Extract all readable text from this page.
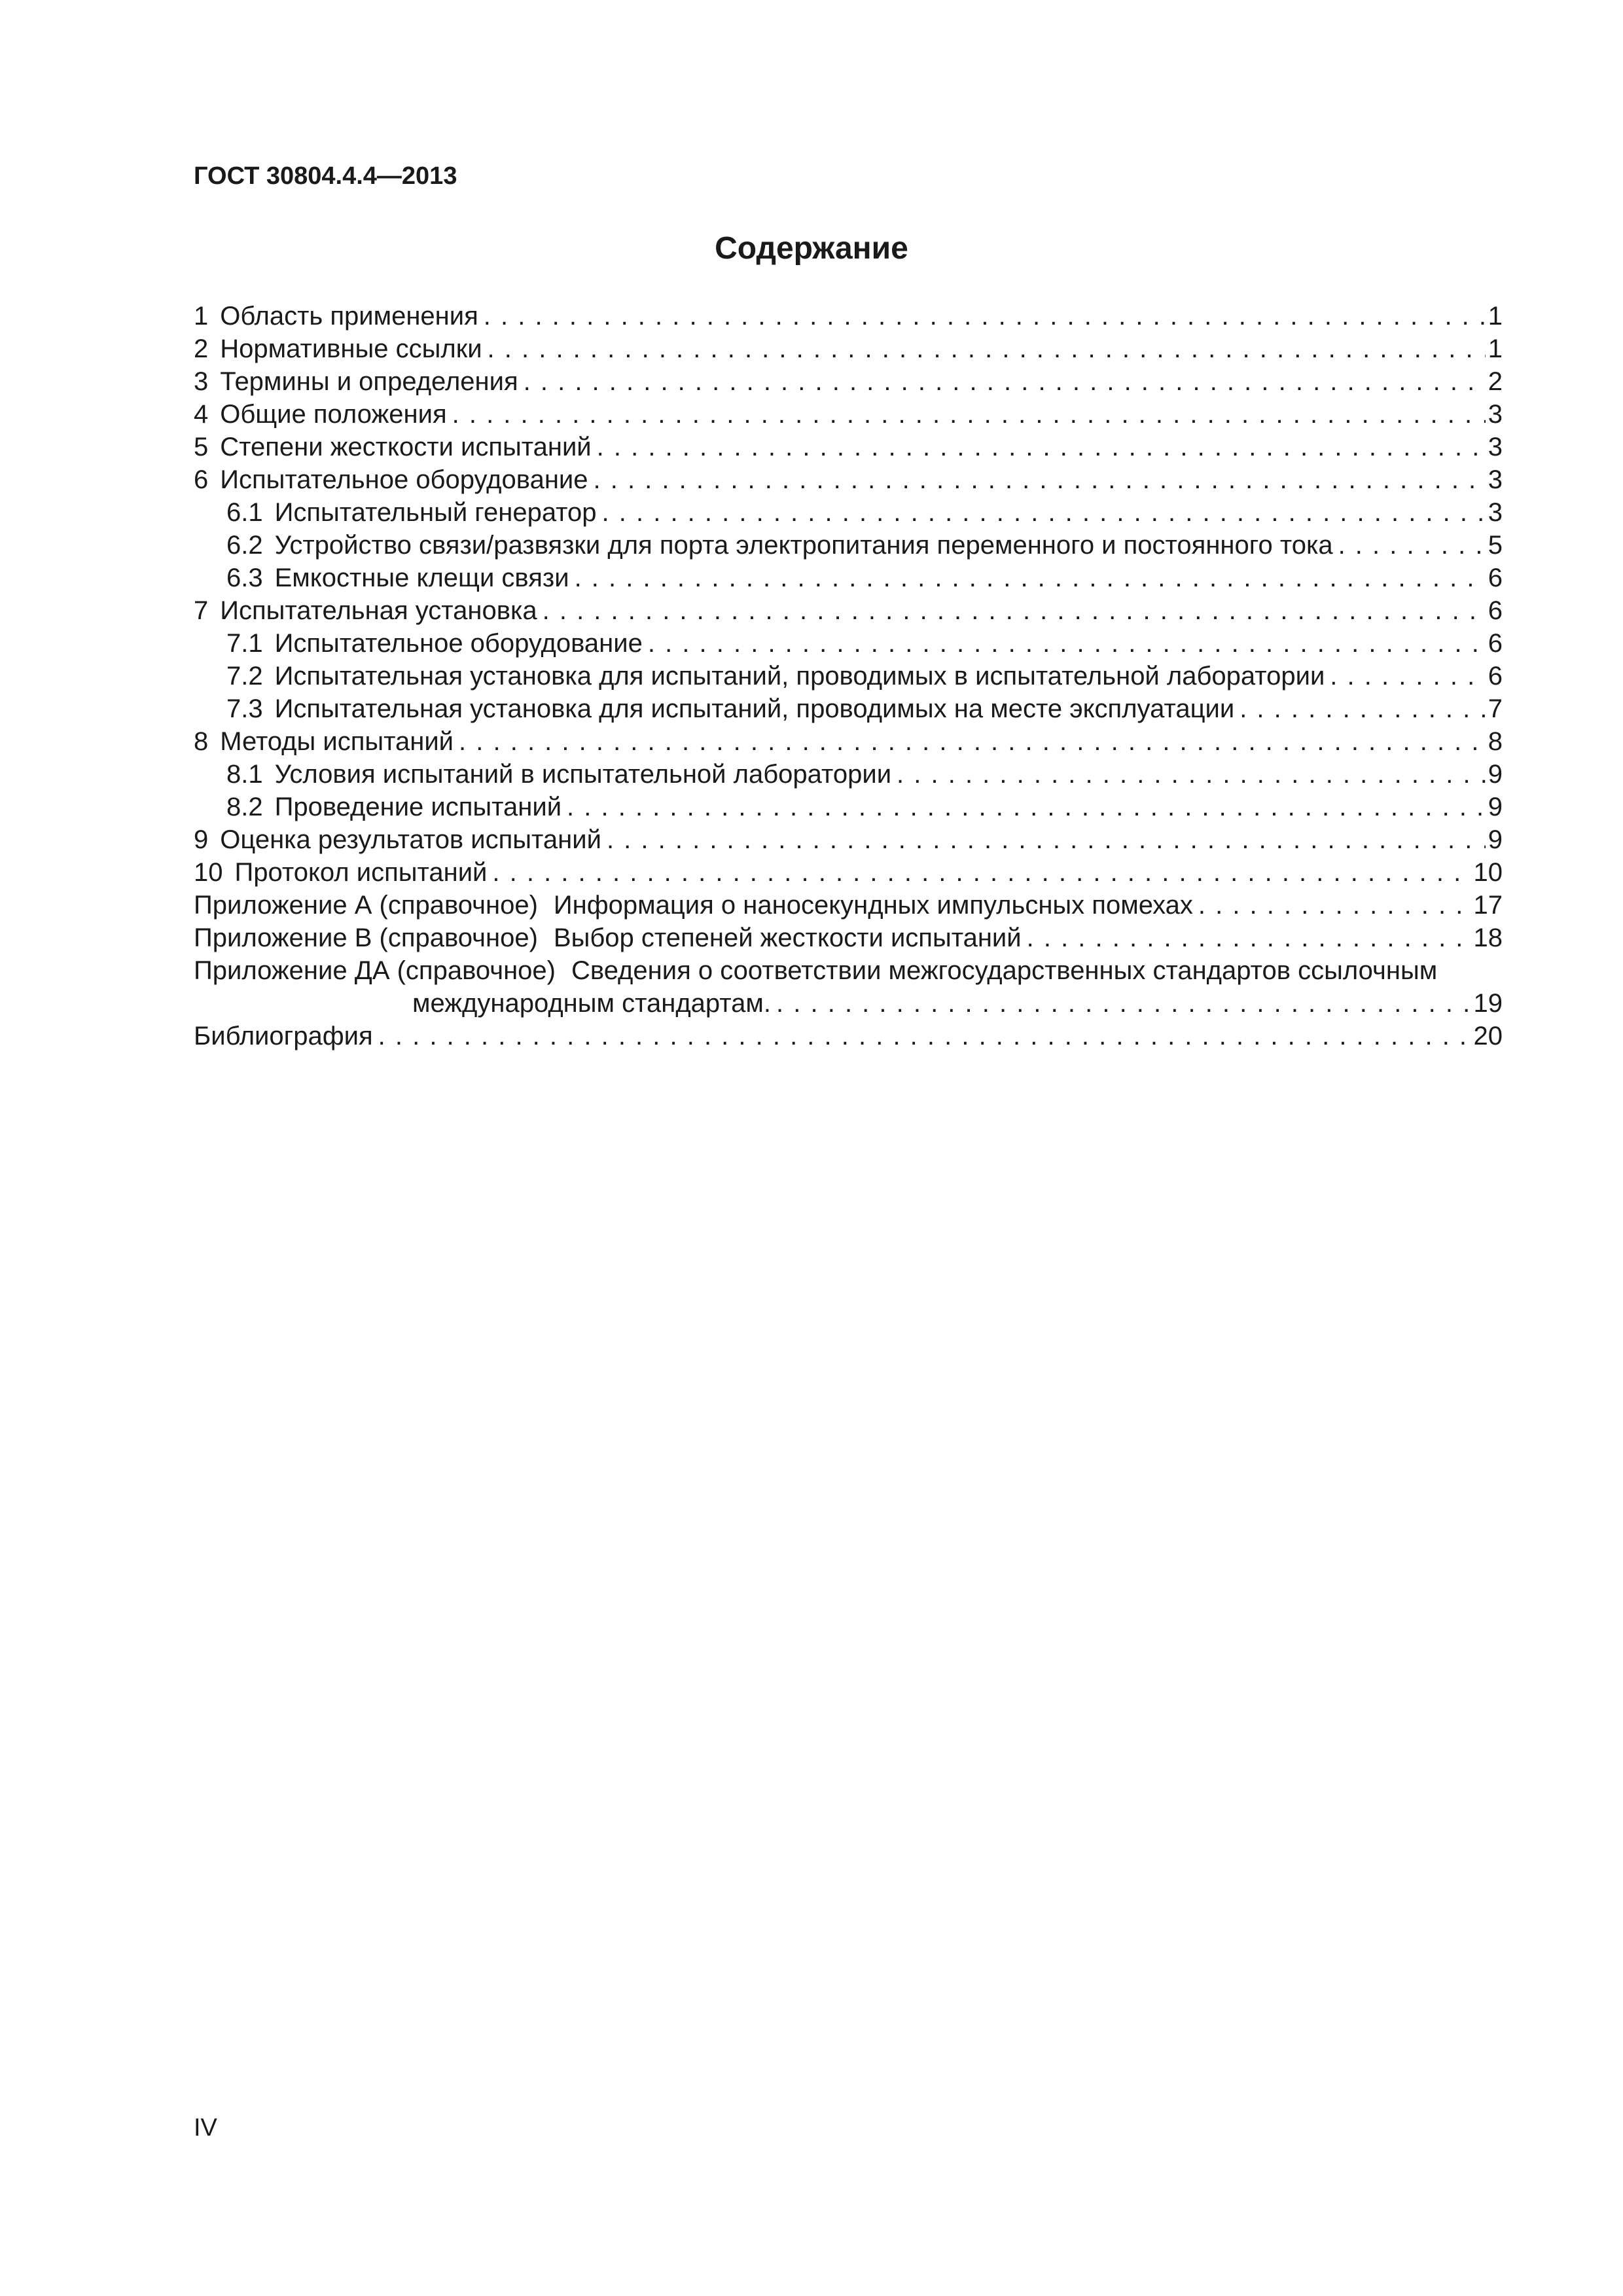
ГОСТ 30804.4.4—2013
Содержание
1 Область применения . . .	1
2 Нормативные ссылки . . .	1
3 Термины и определения . . .	2
4 Общие положения . . .	3
5 Степени жесткости испытаний . . .	3
6 Испытательное оборудование . . .	3
6.1 Испытательный генератор . . .	3
6.2 Устройство связи/развязки для порта электропитания переменного и постоянного тока . . .	5
6.3 Емкостные клещи связи . . .	6
7 Испытательная установка . . .	6
7.1 Испытательное оборудование . . .	6
7.2 Испытательная установка для испытаний, проводимых в испытательной лаборатории . . .	6
7.3 Испытательная установка для испытаний, проводимых на месте эксплуатации . . .	7
8 Методы испытаний . . .	8
8.1 Условия испытаний в испытательной лаборатории . . .	9
8.2 Проведение испытаний . . .	9
9 Оценка результатов испытаний . . .	9
10 Протокол испытаний . . .	10
Приложение А (справочное) Информация о наносекундных импульсных помехах . . .	17
Приложение В (справочное) Выбор степеней жесткости испытаний . . .	18
Приложение ДА (справочное) Сведения о соответствии межгосударственных стандартов ссылочным
международным стандартам. . . .	19
Библиография . . .	20
IV
